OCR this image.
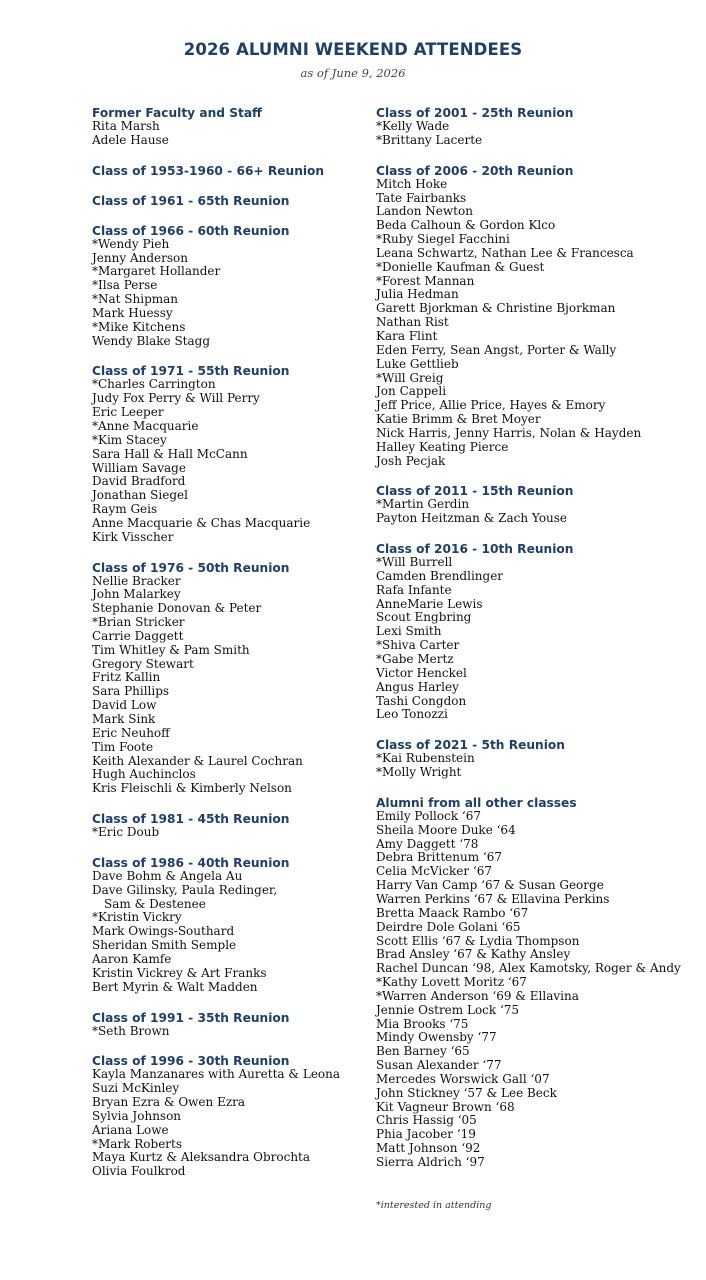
2026 ALUMNI WEEKEND ATTENDEES
as of June 9, 2026
Former Faculty and Staff
Rita Marsh
Adele Hause
Class of 1953-1960 - 66+ Reunion
Class of 1961 - 65th Reunion
Class of 1966 - 60th Reunion
*Wendy Pieh
Jenny Anderson
*Margaret Hollander
*Ilsa Perse
*Nat Shipman
Mark Huessy
*Mike Kitchens
Wendy Blake Stagg
Class of 1971 - 55th Reunion
*Charles Carrington
Judy Fox Perry & Will Perry
Eric Leeper
*Anne Macquarie
*Kim Stacey
Sara Hall & Hall McCann
William Savage
David Bradford
Jonathan Siegel
Raym Geis
Anne Macquarie & Chas Macquarie
Kirk Visscher
Class of 1976 - 50th Reunion
Nellie Bracker
John Malarkey
Stephanie Donovan & Peter
*Brian Stricker
Carrie Daggett
Tim Whitley & Pam Smith
Gregory Stewart
Fritz Kallin
Sara Phillips
David Low
Mark Sink
Eric Neuhoff
Tim Foote
Keith Alexander & Laurel Cochran
Hugh Auchinclos
Kris Fleischli & Kimberly Nelson
Class of 1981 - 45th Reunion
*Eric Doub
Class of 1986 - 40th Reunion
Dave Bohm & Angela Au
Dave Gilinsky, Paula Redinger,
Sam & Destenee
*Kristin Vickry
Mark Owings-Southard
Sheridan Smith Semple
Aaron Kamfe
Kristin Vickrey & Art Franks
Bert Myrin & Walt Madden
Class of 1991 - 35th Reunion
*Seth Brown
Class of 1996 - 30th Reunion
Kayla Manzanares with Auretta & Leona
Suzi McKinley
Bryan Ezra & Owen Ezra
Sylvia Johnson
Ariana Lowe
*Mark Roberts
Maya Kurtz & Aleksandra Obrochta
Olivia Foulkrod
Class of 2001 - 25th Reunion
*Kelly Wade
*Brittany Lacerte
Class of 2006 - 20th Reunion
Mitch Hoke
Tate Fairbanks
Landon Newton
Beda Calhoun & Gordon Klco
*Ruby Siegel Facchini
Leana Schwartz, Nathan Lee & Francesca
*Donielle Kaufman & Guest
*Forest Mannan
Julia Hedman
Garett Bjorkman & Christine Bjorkman
Nathan Rist
Kara Flint
Eden Ferry, Sean Angst, Porter & Wally
Luke Gettlieb
*Will Greig
Jon Cappeli
Jeff Price, Allie Price, Hayes & Emory
Katie Brimm & Bret Moyer
Nick Harris, Jenny Harris, Nolan & Hayden
Halley Keating Pierce
Josh Pecjak
Class of 2011 - 15th Reunion
*Martin Gerdin
Payton Heitzman & Zach Youse
Class of 2016 - 10th Reunion
*Will Burrell
Camden Brendlinger
Rafa Infante
AnneMarie Lewis
Scout Engbring
Lexi Smith
*Shiva Carter
*Gabe Mertz
Victor Henckel
Angus Harley
Tashi Congdon
Leo Tonozzi
Class of 2021 - 5th Reunion
*Kai Rubenstein
*Molly Wright
Alumni from all other classes
Emily Pollock ‘67
Sheila Moore Duke ‘64
Amy Daggett ‘78
Debra Brittenum ‘67
Celia McVicker ‘67
Harry Van Camp ‘67 & Susan George
Warren Perkins ‘67 & Ellavina Perkins
Bretta Maack Rambo ‘67
Deirdre Dole Golani ‘65
Scott Ellis ‘67 & Lydia Thompson
Brad Ansley ‘67 & Kathy Ansley
Rachel Duncan ‘98, Alex Kamotsky, Roger & Andy
*Kathy Lovett Moritz ‘67
*Warren Anderson ‘69 & Ellavina
Jennie Ostrem Lock ‘75
Mia Brooks ‘75
Mindy Owensby ‘77
Ben Barney ‘65
Susan Alexander ‘77
Mercedes Worswick Gall ‘07
John Stickney ‘57 & Lee Beck
Kit Vagneur Brown ‘68
Chris Hassig ‘05
Phia Jacober ‘19
Matt Johnson ‘92
Sierra Aldrich ‘97
*interested in attending
